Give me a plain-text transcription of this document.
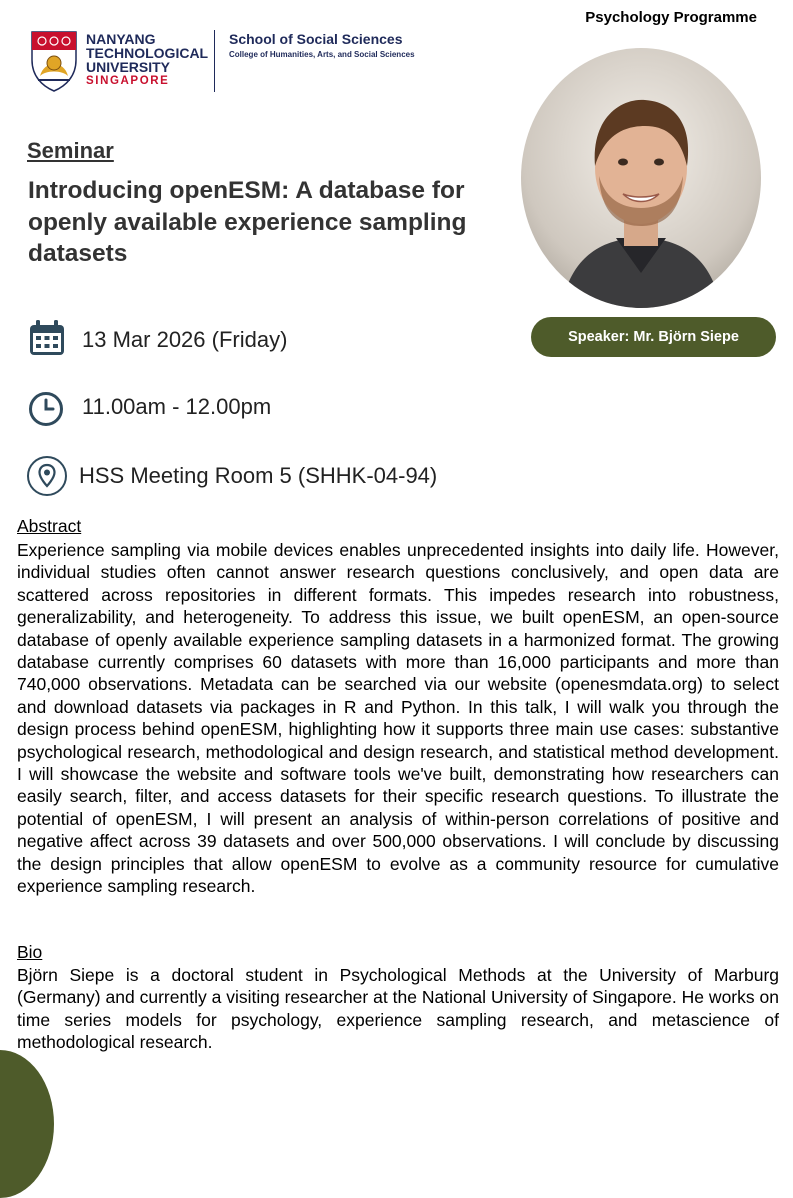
Psychology Programme
NANYANG
TECHNOLOGICAL
UNIVERSITY
SINGAPORE
School of Social Sciences
College of Humanities, Arts, and Social Sciences
Seminar
Introducing openESM: A database for openly available experience sampling datasets
Speaker: Mr. Björn Siepe
13 Mar 2026 (Friday)
11.00am - 12.00pm
HSS Meeting Room 5 (SHHK-04-94)
Abstract

Experience sampling via mobile devices enables unprecedented insights into daily life. However, individual studies often cannot answer research questions conclusively, and open data are scattered across repositories in different formats. This impedes research into robustness, generalizability, and heterogeneity. To address this issue, we built openESM, an open-source database of openly available experience sampling datasets in a harmonized format. The growing database currently comprises 60 datasets with more than 16,000 participants and more than 740,000 observations. Metadata can be searched via our website (openesmdata.org) to select and download datasets via packages in R and Python. In this talk, I will walk you through the design process behind openESM, highlighting how it supports three main use cases: substantive psychological research, methodological and design research, and statistical method development. I will showcase the website and software tools we've built, demonstrating how researchers can easily search, filter, and access datasets for their specific research questions. To illustrate the potential of openESM, I will present an analysis of within-person correlations of positive and negative affect across 39 datasets and over 500,000 observations. I will conclude by discussing the design principles that allow openESM to evolve as a community resource for cumulative experience sampling research.

Bio

Björn Siepe is a doctoral student in Psychological Methods at the University of Marburg (Germany) and currently a visiting researcher at the National University of Singapore. He works on time series models for psychology, experience sampling research, and metascience of methodological research.
